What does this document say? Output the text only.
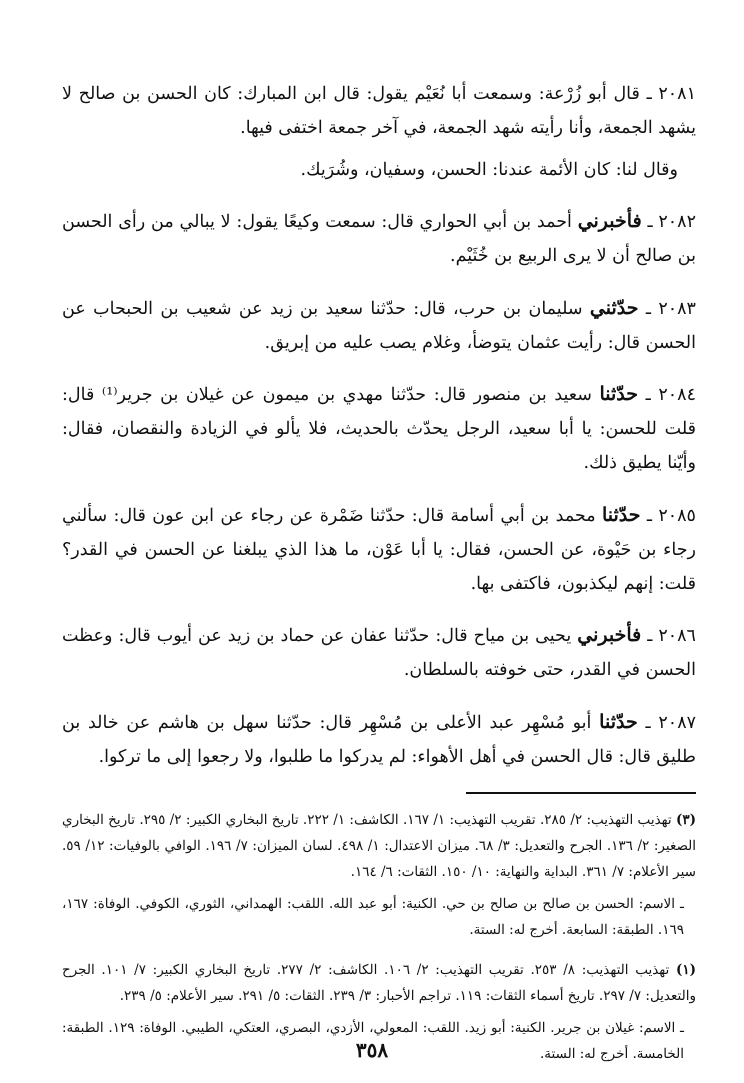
٢٠٨١ ـ قال أبو زُرْعة: وسمعت أبا نُعَيْم يقول: قال ابن المبارك: كان الحسن بن صالح لا يشهد الجمعة، وأنا رأيته شهد الجمعة، في آخر جمعة اختفى فيها.

وقال لنا: كان الأئمة عندنا: الحسن، وسفيان، وشُرَيك.

٢٠٨٢ ـ فأخبرني أحمد بن أبي الحواري قال: سمعت وكيعًا يقول: لا يبالي من رأى الحسن بن صالح أن لا يرى الربيع بن خُثَيْم.

٢٠٨٣ ـ حدّثني سليمان بن حرب، قال: حدّثنا سعيد بن زيد عن شعيب بن الحبحاب عن الحسن قال: رأيت عثمان يتوضأ، وغلام يصب عليه من إبريق.

٢٠٨٤ ـ حدّثنا سعيد بن منصور قال: حدّثنا مهدي بن ميمون عن غيلان بن جرير⁽¹⁾ قال: قلت للحسن: يا أبا سعيد، الرجل يحدّث بالحديث، فلا يألو في الزيادة والنقصان، فقال: وأيّنا يطيق ذلك.

٢٠٨٥ ـ حدّثنا محمد بن أبي أسامة قال: حدّثنا ضَمْرة عن رجاء عن ابن عون قال: سألني رجاء بن حَيْوة، عن الحسن، فقال: يا أبا عَوْن، ما هذا الذي يبلغنا عن الحسن في القدر؟ قلت: إنهم ليكذبون، فاكتفى بها.

٢٠٨٦ ـ فأخبرني يحيى بن مياح قال: حدّثنا عفان عن حماد بن زيد عن أيوب قال: وعظت الحسن في القدر، حتى خوفته بالسلطان.

٢٠٨٧ ـ حدّثنا أبو مُسْهِر عبد الأعلى بن مُسْهِر قال: حدّثنا سهل بن هاشم عن خالد بن طليق قال: قال الحسن في أهل الأهواء: لم يدركوا ما طلبوا، ولا رجعوا إلى ما تركوا.

(٣) تهذيب التهذيب: ٢/ ٢٨٥. تقريب التهذيب: ١/ ١٦٧. الكاشف: ١/ ٢٢٢. تاريخ البخاري الكبير: ٢/ ٢٩٥. تاريخ البخاري الصغير: ٢/ ١٣٦. الجرح والتعديل: ٣/ ٦٨. ميزان الاعتدال: ١/ ٤٩٨. لسان الميزان: ٧/ ١٩٦. الوافي بالوفيات: ١٢/ ٥٩. سير الأعلام: ٧/ ٣٦١. البداية والنهاية: ١٠/ ١٥٠. الثقات: ٦/ ١٦٤.

ـ الاسم: الحسن بن صالح بن صالح بن حي. الكنية: أبو عبد الله. اللقب: الهمداني، الثوري، الكوفي. الوفاة: ١٦٧، ١٦٩. الطبقة: السابعة. أخرج له: الستة.

(١) تهذيب التهذيب: ٨/ ٢٥٣. تقريب التهذيب: ٢/ ١٠٦. الكاشف: ٢/ ٢٧٧. تاريخ البخاري الكبير: ٧/ ١٠١. الجرح والتعديل: ٧/ ٢٩٧. تاريخ أسماء الثقات: ١١٩. تراجم الأحبار: ٣/ ٢٣٩. الثقات: ٥/ ٢٩١. سير الأعلام: ٥/ ٢٣٩.

ـ الاسم: غيلان بن جرير. الكنية: أبو زيد. اللقب: المعولي، الأزدي، البصري، العتكي، الطيبي. الوفاة: ١٢٩. الطبقة: الخامسة. أخرج له: الستة.

٣٥٨
